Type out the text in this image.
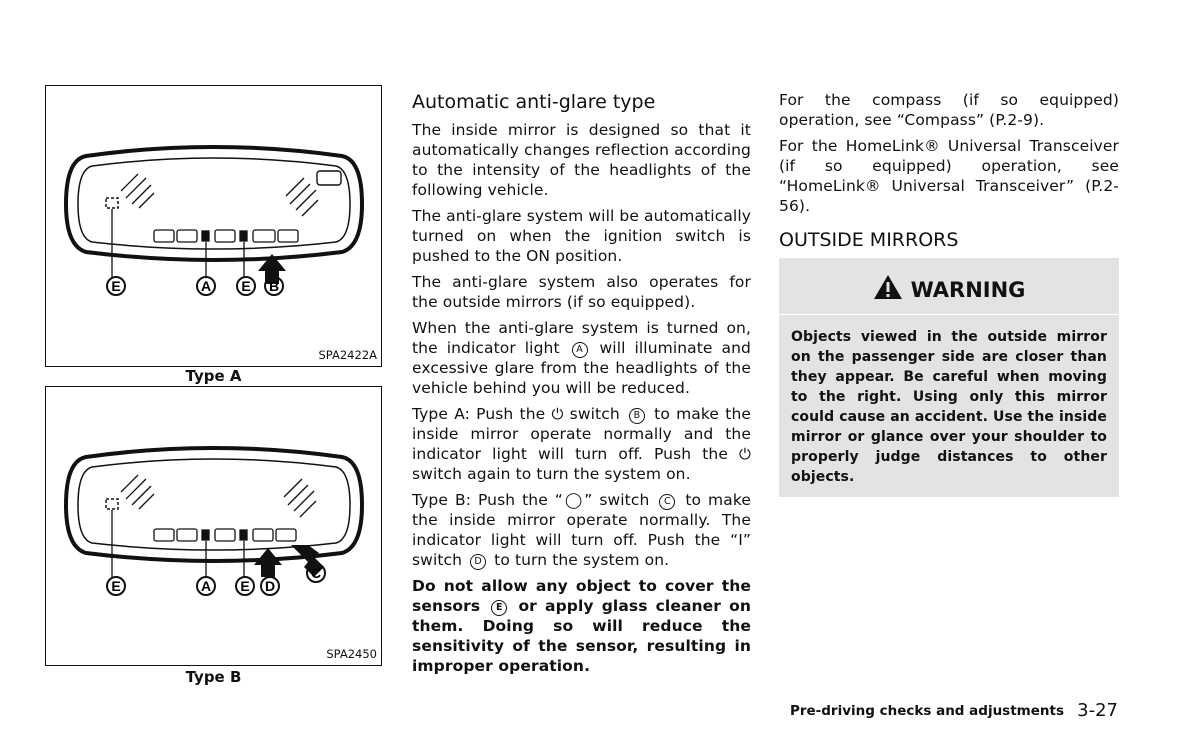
E	A E B
SPA2422A
Type A
E	A E D
C
SPA2450
Type B
Automatic anti-glare type

The inside mirror is designed so that it automatically changes reflection according to the intensity of the headlights of the following vehicle.

The anti-glare system will be automatically turned on when the ignition switch is pushed to the ON position.

The anti-glare system also operates for the outside mirrors (if so equipped).

When the anti-glare system is turned on, the indicator light A will illuminate and excessive glare from the headlights of the vehicle behind you will be reduced.

Type A: Push the ⏻ switch B to make the inside mirror operate normally and the indicator light will turn off. Push the ⏻ switch again to turn the system on.

Type B: Push the “◯” switch C to make the inside mirror operate normally. The indicator light will turn off. Push the “I” switch D to turn the system on.

Do not allow any object to cover the sensors E or apply glass cleaner on them. Doing so will reduce the sensitivity of the sensor, resulting in improper operation.

For the compass (if so equipped) operation, see “Compass” (P.2-9).

For the HomeLink® Universal Transceiver (if so equipped) operation, see “HomeLink® Universal Transceiver” (P.2-56).

OUTSIDE MIRRORS
WARNING

Objects viewed in the outside mirror on the passenger side are closer than they appear. Be careful when moving to the right. Using only this mirror could cause an accident. Use the inside mirror or glance over your shoulder to properly judge distances to other objects.

Pre-driving checks and adjustments 3-27
